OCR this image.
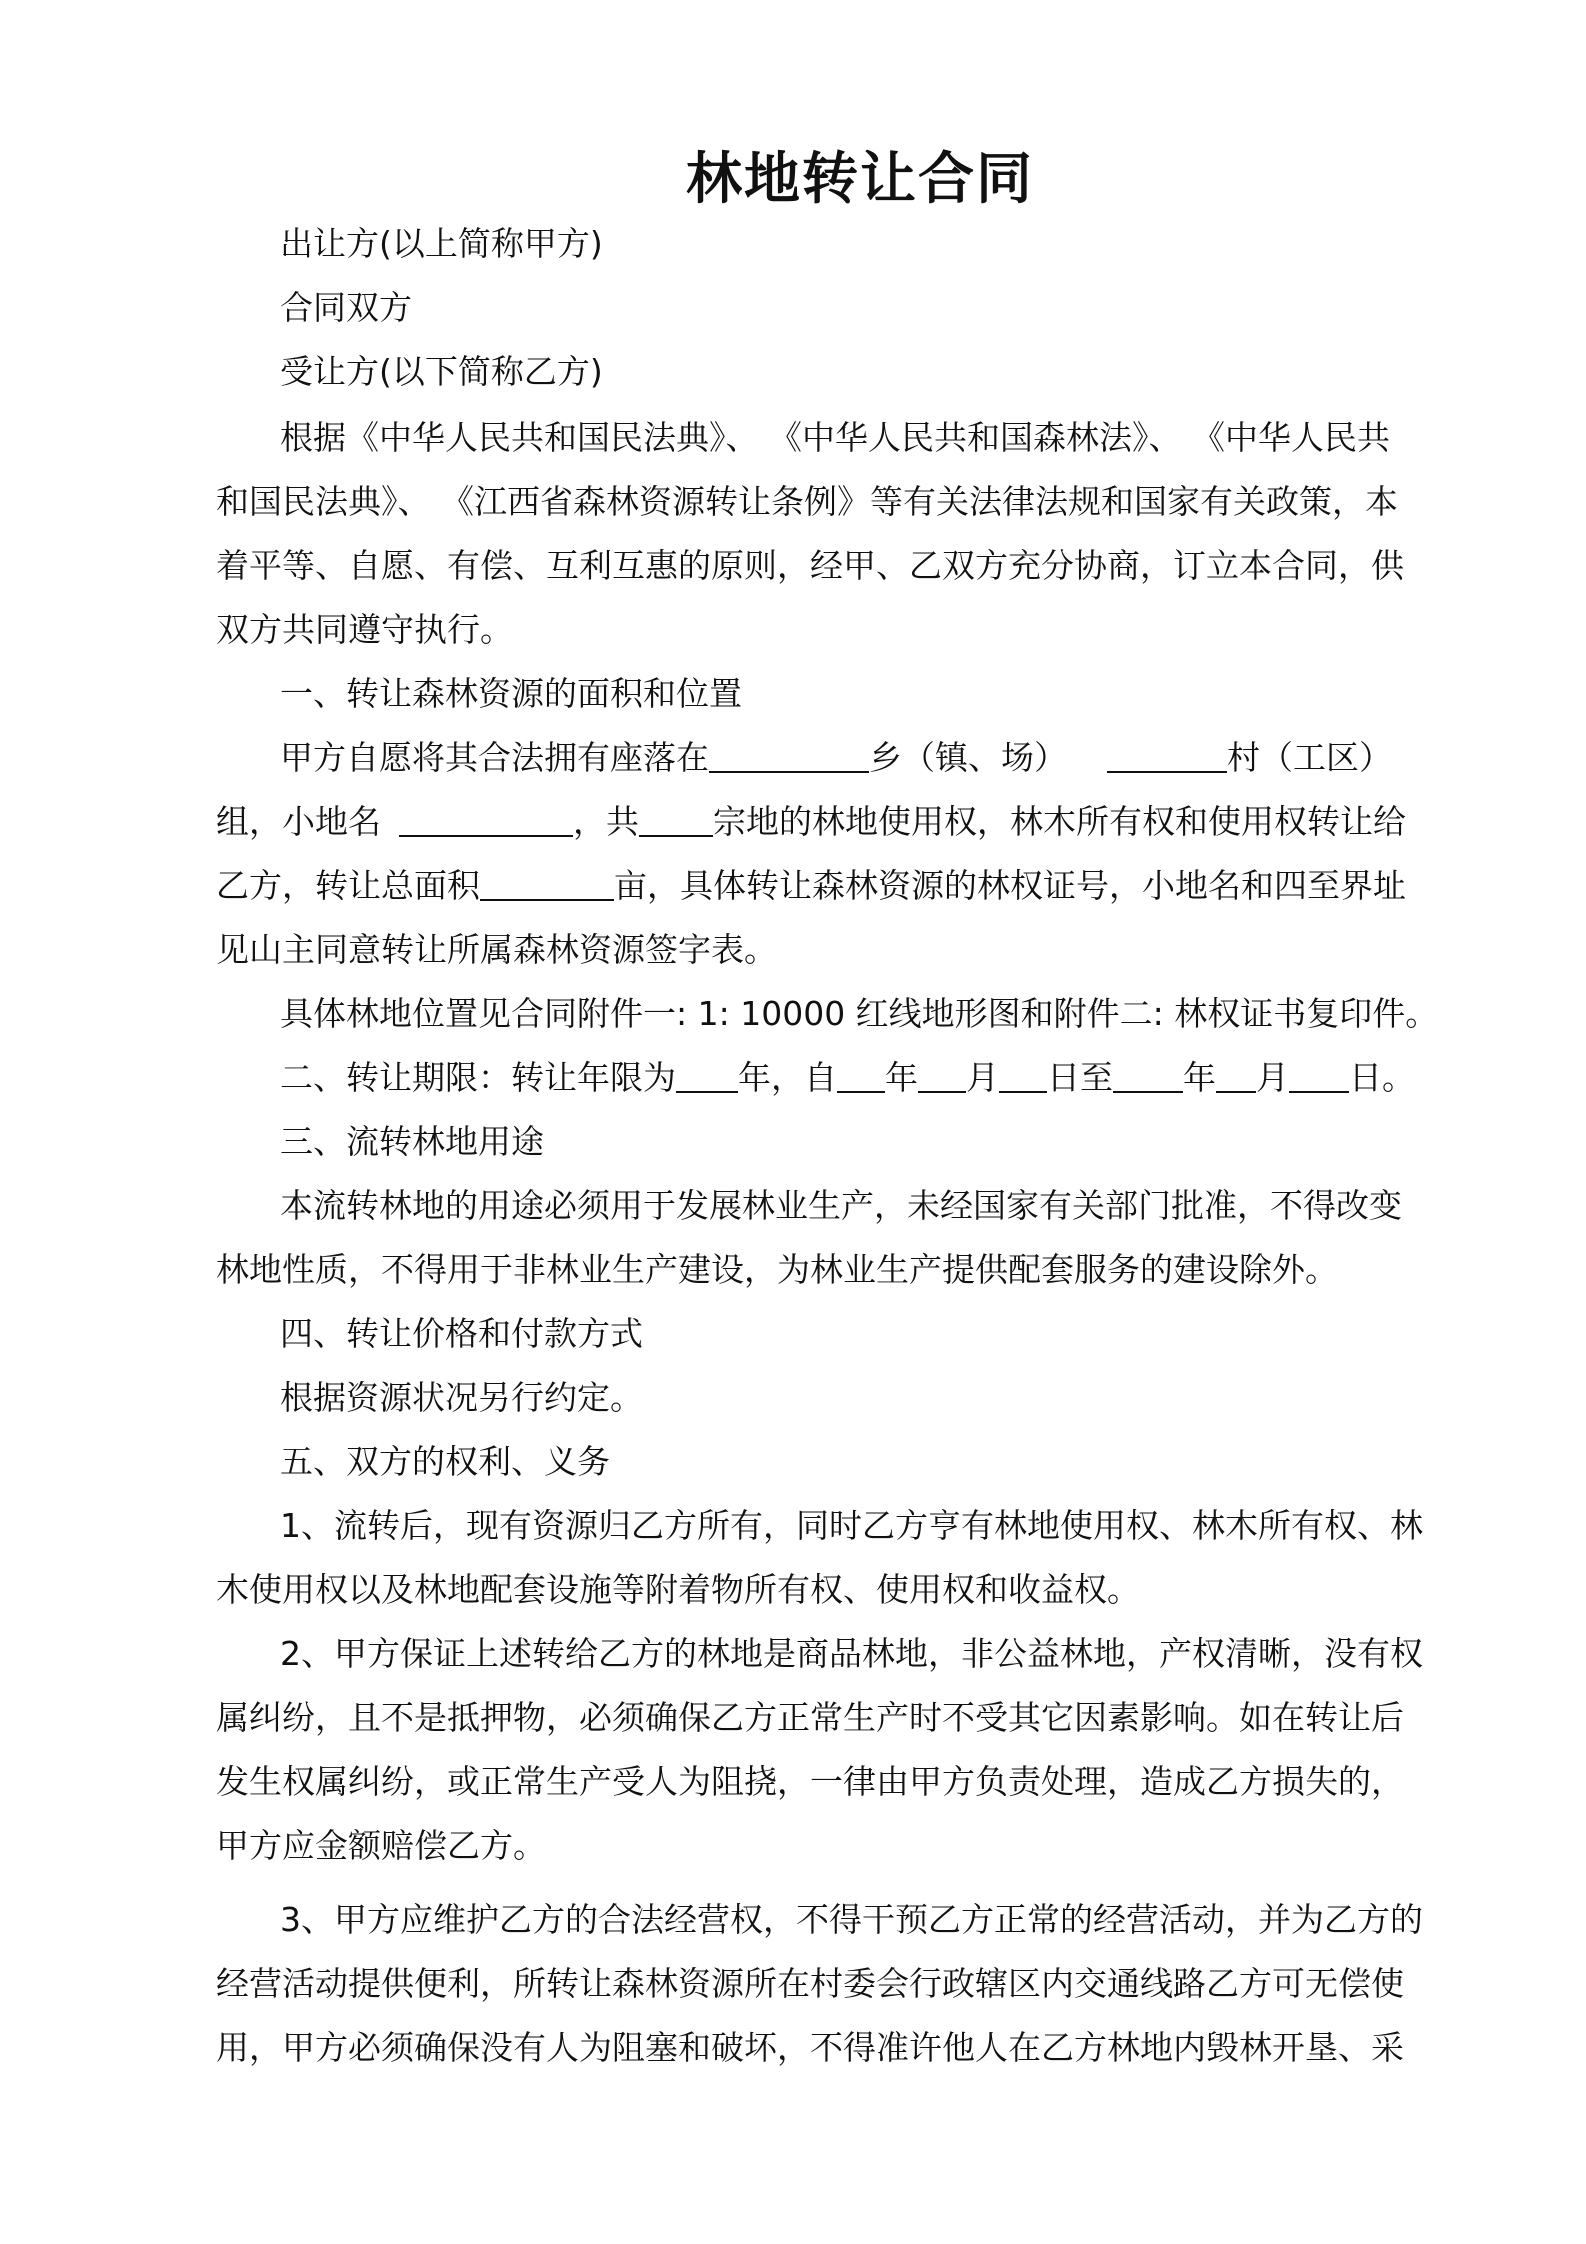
林地转让合同
出让方(以上简称甲方)
合同双方
受让方(以下简称乙方)
根据《中华人民共和国民法典》、 《中华人民共和国森林法》、 《中华人民共
和国民法典》、 《江西省森林资源转让条例》等有关法律法规和国家有关政策，本
着平等、自愿、有偿、互利互惠的原则，经甲、乙双方充分协商，订立本合同，供
双方共同遵守执行。
一、转让森林资源的面积和位置
甲方自愿将其合法拥有座落在	乡（镇、场）	村（工区）
组，小地名	，共 宗地的林地使用权，林木所有权和使用权转让给
乙方，转让总面积	亩，具体转让森林资源的林权证号，小地名和四至界址
见山主同意转让所属森林资源签字表。
具体林地位置见合同附件一: 1: 10000 红线地形图和附件二: 林权证书复印件。
二、转让期限：转让年限为 年，自 年 月 日至 年 月 日。
三、流转林地用途
本流转林地的用途必须用于发展林业生产，未经国家有关部门批准，不得改变
林地性质，不得用于非林业生产建设，为林业生产提供配套服务的建设除外。
四、转让价格和付款方式
根据资源状况另行约定。
五、双方的权利、义务
1、流转后，现有资源归乙方所有，同时乙方亨有林地使用权、林木所有权、林
木使用权以及林地配套设施等附着物所有权、使用权和收益权。
2、甲方保证上述转给乙方的林地是商品林地，非公益林地，产权清晰，没有权
属纠纷，且不是抵押物，必须确保乙方正常生产时不受其它因素影响。如在转让后
发生权属纠纷，或正常生产受人为阻挠，一律由甲方负责处理，造成乙方损失的，
甲方应金额赔偿乙方。
3、甲方应维护乙方的合法经营权，不得干预乙方正常的经营活动，并为乙方的
经营活动提供便利，所转让森林资源所在村委会行政辖区内交通线路乙方可无偿使
用，甲方必须确保没有人为阻塞和破坏，不得准许他人在乙方林地内毁林开垦、采
